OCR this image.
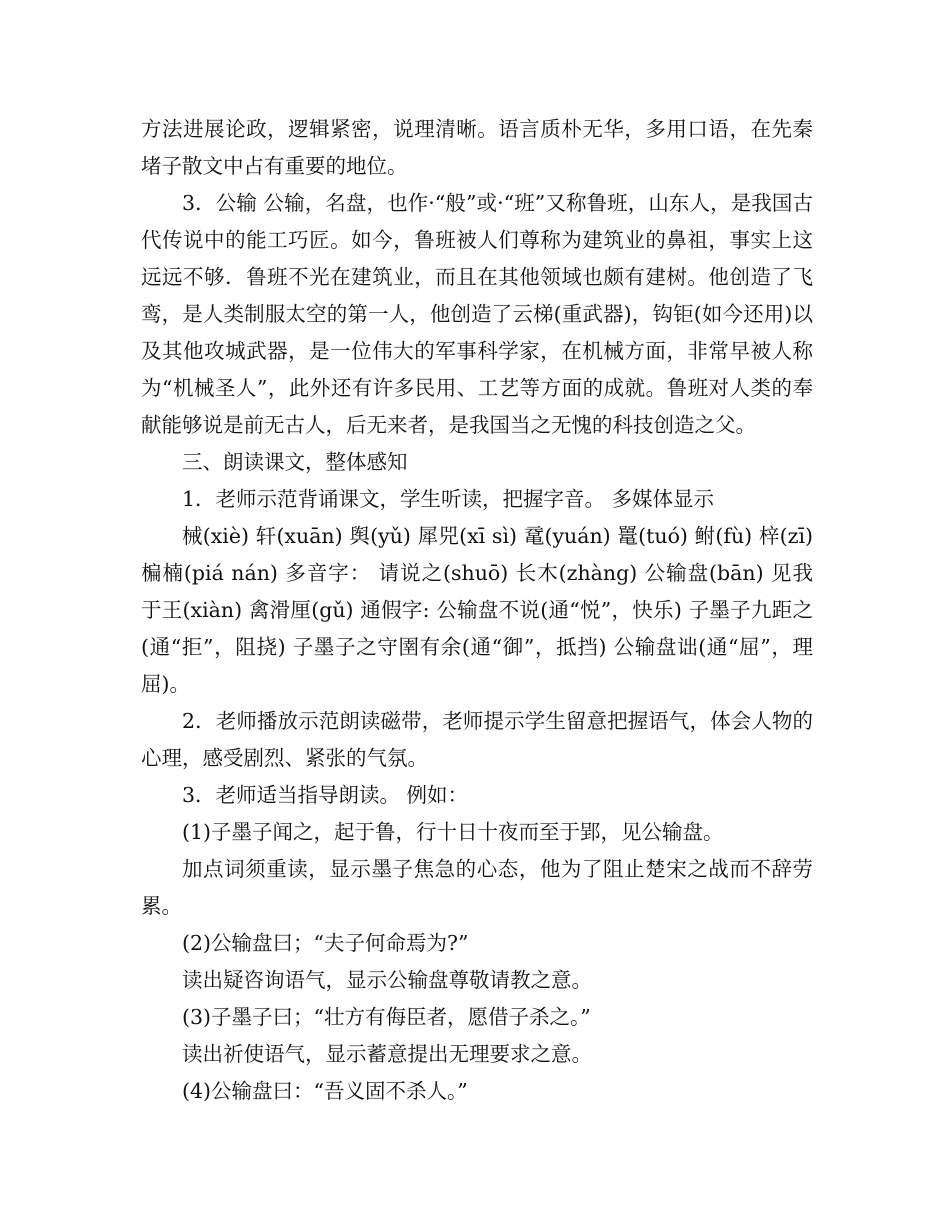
方法进展论政，逻辑紧密，说理清晰。语言质朴无华，多用口语，在先秦堵子散文中占有重要的地位。

3．公输 公输，名盘，也作·“般”或·“班”又称鲁班，山东人，是我国古代传说中的能工巧匠。如今，鲁班被人们尊称为建筑业的鼻祖，事实上这远远不够．鲁班不光在建筑业，而且在其他领域也颇有建树。他创造了飞鸾，是人类制服太空的第一人，他创造了云梯(重武器)，钩钜(如今还用)以及其他攻城武器，是一位伟大的军事科学家，在机械方面，非常早被人称为“机械圣人”，此外还有许多民用、工艺等方面的成就。鲁班对人类的奉献能够说是前无古人，后无来者，是我国当之无愧的科技创造之父。

三、朗读课文，整体感知

1．老师示范背诵课文，学生听读，把握字音。 多媒体显示

械(xiè) 轩(xuān) 舆(yǔ) 犀兕(xī sì) 鼋(yuán) 鼍(tuó) 鲋(fù) 梓(zī) 楄楠(piá nán) 多音字： 请说之(shuō) 长木(zhàng) 公输盘(bān) 见我于王(xiàn) 禽滑厘(gǔ) 通假字: 公输盘不说(通“悦”，快乐) 子墨子九距之(通“拒”，阻挠) 子墨子之守圉有余(通“御”，抵挡) 公输盘诎(通“屈”，理屈)。

2．老师播放示范朗读磁带，老师提示学生留意把握语气，体会人物的心理，感受剧烈、紧张的气氛。

3．老师适当指导朗读。 例如：

(1)子墨子闻之，起于鲁，行十日十夜而至于郢，见公输盘。

加点词须重读，显示墨子焦急的心态，他为了阻止楚宋之战而不辞劳累。

(2)公输盘曰；“夫子何命焉为?”

读出疑咨询语气，显示公输盘尊敬请教之意。

(3)子墨子曰；“壮方有侮臣者，愿借子杀之。”

读出祈使语气，显示蓄意提出无理要求之意。

(4)公输盘曰：“吾义固不杀人。”
